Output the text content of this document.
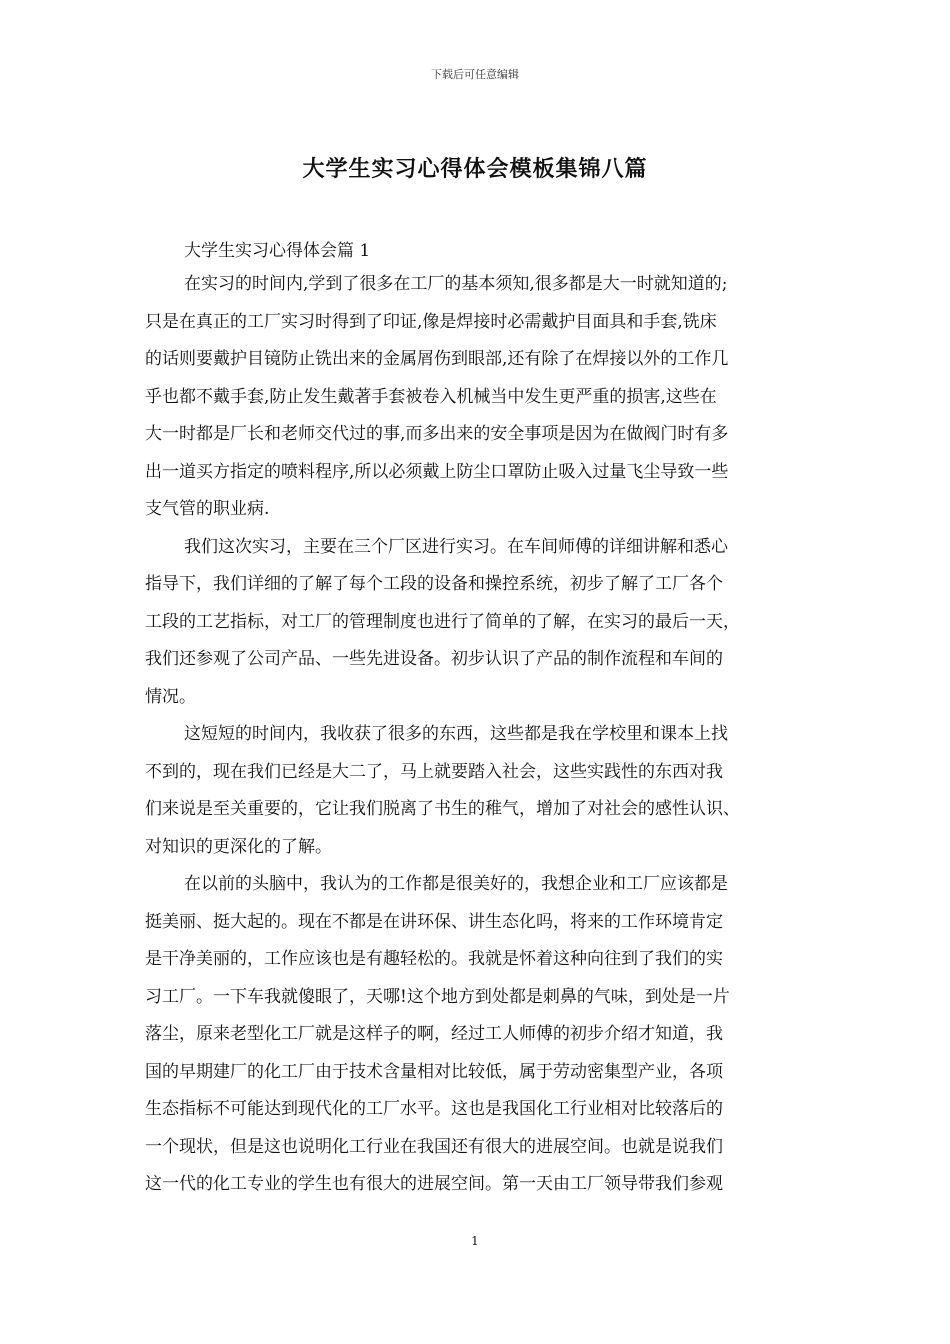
下载后可任意编辑
大学生实习心得体会模板集锦八篇
大学生实习心得体会篇 1
在实习的时间内,学到了很多在工厂的基本须知,很多都是大一时就知道的;
只是在真正的工厂实习时得到了印证,像是焊接时必需戴护目面具和手套,铣床
的话则要戴护目镜防止铣出来的金属屑伤到眼部,还有除了在焊接以外的工作几
乎也都不戴手套,防止发生戴著手套被卷入机械当中发生更严重的损害,这些在
大一时都是厂长和老师交代过的事,而多出来的安全事项是因为在做阀门时有多
出一道买方指定的喷料程序,所以必须戴上防尘口罩防止吸入过量飞尘导致一些
支气管的职业病.
我们这次实习，主要在三个厂区进行实习。在车间师傅的详细讲解和悉心
指导下，我们详细的了解了每个工段的设备和操控系统，初步了解了工厂各个
工段的工艺指标，对工厂的管理制度也进行了简单的了解，在实习的最后一天，
我们还参观了公司产品、一些先进设备。初步认识了产品的制作流程和车间的
情况。
这短短的时间内，我收获了很多的东西，这些都是我在学校里和课本上找
不到的，现在我们已经是大二了，马上就要踏入社会，这些实践性的东西对我
们来说是至关重要的，它让我们脱离了书生的稚气，增加了对社会的感性认识、
对知识的更深化的了解。
在以前的头脑中，我认为的工作都是很美好的，我想企业和工厂应该都是
挺美丽、挺大起的。现在不都是在讲环保、讲生态化吗，将来的工作环境肯定
是干净美丽的，工作应该也是有趣轻松的。我就是怀着这种向往到了我们的实
习工厂。一下车我就傻眼了，天哪!这个地方到处都是刺鼻的气味，到处是一片
落尘，原来老型化工厂就是这样子的啊，经过工人师傅的初步介绍才知道，我
国的早期建厂的化工厂由于技术含量相对比较低，属于劳动密集型产业，各项
生态指标不可能达到现代化的工厂水平。这也是我国化工行业相对比较落后的
一个现状，但是这也说明化工行业在我国还有很大的进展空间。也就是说我们
这一代的化工专业的学生也有很大的进展空间。第一天由工厂领导带我们参观
1
